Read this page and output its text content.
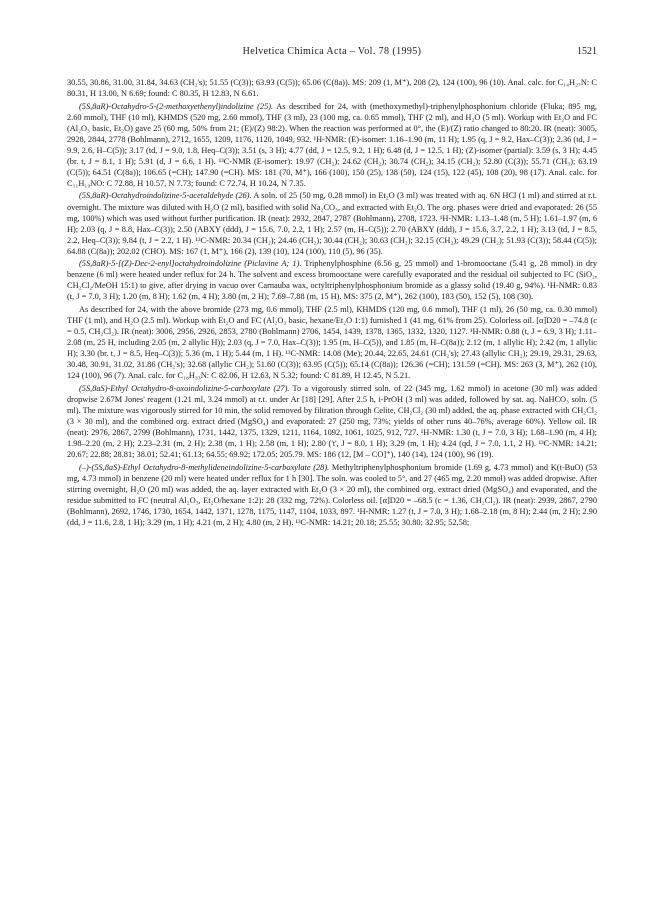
Helvetica Chimica Acta – Vol. 78 (1995)	1521

30.55, 30.86, 31.00, 31.84, 34.63 (CH₂'s); 51.55 (C(3)); 63.93 (C(5)); 65.06 (C(8a)). MS: 209 (1, M⁺), 208 (2), 124 (100), 96 (10). Anal. calc. for C₁₄H₂₇N: C 80.31, H 13.00, N 6.69; found: C 80.35, H 12.83, N 6.61.

(5S,8aR)-Octahydro-5-(2-methoxyethenyl)indolizine (25). As described for 24, with (methoxymethyl)-triphenylphosphonium chloride (Fluka; 895 mg, 2.60 mmol), THF (10 ml), KHMDS (520 mg, 2.60 mmol), THF (3 ml), 23 (100 mg, ca. 0.65 mmol), THF (2 ml), and H₂O (5 ml). Workup with Et₂O and FC (Al₂O₃ basic, Et₂O) gave 25 (60 mg, 50% from 21; (E)/(Z) 98:2). When the reaction was performed at 0°, the (E)/(Z) ratio changed to 80:20. IR (neat): 3005, 2928, 2844, 2778 (Bohlmann), 2712, 1655, 1209, 1176, 1120, 1049, 932. ¹H-NMR: (E)-isomer: 1.16–1.90 (m, 11 H); 1.95 (q, J = 9.2, Hax–C(3)); 2.36 (td, J = 9.9, 2.6, H–C(5)); 3.17 (td, J = 9.0, 1.8, Heq–C(3)); 3.51 (s, 3 H); 4.77 (dd, J = 12.5, 9.2, 1 H); 6.48 (d, J = 12.5, 1 H); (Z)-isomer (partial): 3.59 (s, 3 H); 4.45 (br. t, J = 8.1, 1 H); 5.91 (d, J = 6.6, 1 H). ¹³C-NMR (E-isomer): 19.97 (CH₂); 24.62 (CH₂); 30.74 (CH₂); 34.15 (CH₂); 52.80 (C(3)); 55.71 (CH₃); 63.19 (C(5)); 64.51 (C(8a)); 106.65 (=CH); 147.90 (=CH). MS: 181 (70, M⁺), 166 (100), 150 (25), 138 (50), 124 (15), 122 (45), 108 (20), 98 (17). Anal. calc. for C₁₁H₁₉NO: C 72.88, H 10.57, N 7.73; found: C 72.74, H 10.24, N 7.35.

(5S,8aR)-Octahydroindolizine-5-acetaldehyde (26). A soln. of 25 (50 mg, 0.28 mmol) in Et₂O (3 ml) was treated with aq. 6N HCl (1 ml) and stirred at r.t. overnight. The mixture was diluted with H₂O (2 ml), basified with solid Na₂CO₃, and extracted with Et₂O. The org. phases were dried and evaporated: 26 (55 mg, 100%) which was used without further purification. IR (neat): 2932, 2847, 2787 (Bohlmann), 2708, 1723. ¹H-NMR: 1.13–1.48 (m, 5 H); 1.61–1.97 (m, 6 H); 2.03 (q, J = 8.8, Hax–C(3)); 2.50 (ABXY (ddd), J = 15.6, 7.0, 2.2, 1 H); 2.57 (m, H–C(5)); 2.70 (ABXY (ddd), J = 15.6, 3.7, 2.2, 1 H); 3.13 (td, J = 8.5, 2.2, Heq–C(3)); 9.84 (t, J = 2.2, 1 H). ¹³C-NMR: 20.34 (CH₂); 24.46 (CH₂); 30.44 (CH₂); 30.63 (CH₂); 32.15 (CH₂); 49.29 (CH₂); 51.93 (C(3)); 58.44 (C(5)); 64.88 (C(8a)); 202.02 (CHO). MS: 167 (1, M⁺), 166 (2), 139 (10), 124 (100), 110 (5), 96 (35).

(5S,8aR)-5-[(Z)-Dec-2-enyl]octahydroindolizine (Piclavine A; 1). Triphenylphosphine (6.56 g, 25 mmol) and 1-bromooctane (5.41 g, 28 mmol) in dry benzene (6 ml) were heated under reflux for 24 h. The solvent and excess bromooctane were carefully evaporated and the residual oil subjected to FC (SiO₂, CH₂Cl₂/MeOH 15:1) to give, after drying in vacuo over Carnauba wax, octyltriphenylphosphonium bromide as a glassy solid (19.40 g, 94%). ¹H-NMR: 0.83 (t, J = 7.0, 3 H); 1.20 (m, 8 H); 1.62 (m, 4 H); 3.80 (m, 2 H); 7.69–7.88 (m, 15 H). MS: 375 (2, M⁺), 262 (100), 183 (50), 152 (5), 108 (30).

As described for 24, with the above bromide (273 mg, 0.6 mmol), THF (2.5 ml), KHMDS (120 mg, 0.6 mmol), THF (1 ml), 26 (50 mg, ca. 0.30 mmol) THF (1 ml), and H₂O (2.5 ml). Workup with Et₂O and FC (Al₂O₃ basic, hexane/Et₂O 1:1) furnished 1 (41 mg, 61% from 25). Colorless oil. [α]D20 = –74.8 (c = 0.5, CH₂Cl₂). IR (neat): 3006, 2956, 2926, 2853, 2780 (Bohlmann) 2706, 1454, 1439, 1378, 1365, 1332, 1320, 1127. ¹H-NMR: 0.88 (t, J = 6.9, 3 H); 1.11–2.08 (m, 25 H, including 2.05 (m, 2 allylic H)); 2.03 (q, J = 7.0, Hax–C(3)); 1.95 (m, H–C(5)), and 1.85 (m, H–C(8a)); 2.12 (m, 1 allylic H); 2.42 (m, 1 allylic H); 3.30 (br. t, J = 8.5, Heq–C(3)); 5.36 (m, 1 H); 5.44 (m, 1 H). ¹³C-NMR: 14.08 (Me); 20.44, 22.65, 24.61 (CH₂'s); 27.43 (allylic CH₂); 29.19, 29.31, 29.63, 30.48, 30.91, 31.02, 31.86 (CH₂'s); 32.68 (allylic CH₂); 51.60 (C(3)); 63.95 (C(5)); 65.14 (C(8a)); 126.36 (=CH); 131.59 (=CH). MS: 263 (3, M⁺), 262 (10), 124 (100), 96 (7). Anal. calc. for C₁₈H₃₃N: C 82.06, H 12.63, N 5.32; found: C 81.89, H 12.45, N 5.21.

(5S,8aS)-Ethyl Octahydro-8-oxoindolizine-5-carboxylate (27). To a vigorously stirred soln. of 22 (345 mg, 1.62 mmol) in acetone (30 ml) was added dropwise 2.67M Jones' reagent (1.21 ml, 3.24 mmol) at r.t. under Ar [18] [29]. After 2.5 h, i-PrOH (3 ml) was added, followed by sat. aq. NaHCO₃ soln. (5 ml). The mixture was vigorously stirred for 10 min, the solid removed by filtration through Celite, CH₂Cl₂ (30 ml) added, the aq. phase extracted with CH₂Cl₂ (3 × 30 ml), and the combined org. extract dried (MgSO₄) and evaporated: 27 (250 mg, 73%; yields of other runs 40–76%, average 60%). Yellow oil. IR (neat): 2976, 2867, 2799 (Bohlmann), 1731, 1442, 1375, 1329, 1211, 1164, 1092, 1061, 1025, 912, 727. ¹H-NMR: 1.30 (t, J = 7.0, 3 H); 1.68–1.90 (m, 4 H); 1.98–2.20 (m, 2 H); 2.23–2.31 (m, 2 H); 2.38 (m, 1 H); 2.58 (m, 1 H); 2.80 ('t', J = 8.0, 1 H); 3.29 (m, 1 H); 4.24 (qd, J = 7.0, 1.1, 2 H). ¹³C-NMR: 14.21; 20.67; 22.88; 28.81; 38.01; 52.41; 61.13; 64.55; 69.92; 172.05; 205.79. MS: 186 (12, [M – CO]⁺), 140 (14), 124 (100), 96 (19).

(–)-(5S,8aS)-Ethyl Octahydro-8-methylideneindolizine-5-carboxylate (28). Methyltriphenylphosphonium bromide (1.69 g, 4.73 mmol) and K(t-BuO) (53 mg, 4.73 mmol) in benzene (20 ml) were heated under reflux for 1 h [30]. The soln. was cooled to 5°, and 27 (465 mg, 2.20 mmol) was added dropwise. After stirring overnight, H₂O (20 ml) was added, the aq. layer extracted with Et₂O (3 × 20 ml), the combined org. extract dried (MgSO₄) and evaporated, and the residue submitted to FC (neutral Al₂O₃, Et₂O/hexane 1:2): 28 (332 mg, 72%). Colorless oil. [α]D20 = –68.5 (c = 1.36, CH₂Cl₂). IR (neat): 2939, 2867, 2790 (Bohlmann), 2692, 1746, 1730, 1654, 1442, 1371, 1278, 1175, 1147, 1104, 1033, 897. ¹H-NMR: 1.27 (t, J = 7.0, 3 H); 1.68–2.18 (m, 8 H); 2.44 (m, 2 H); 2.90 (dd, J = 11.6, 2.8, 1 H); 3.29 (m, 1 H); 4.21 (m, 2 H); 4.80 (m, 2 H). ¹³C-NMR: 14.21; 20.18; 25.55; 30.80; 32.95; 52.58;
